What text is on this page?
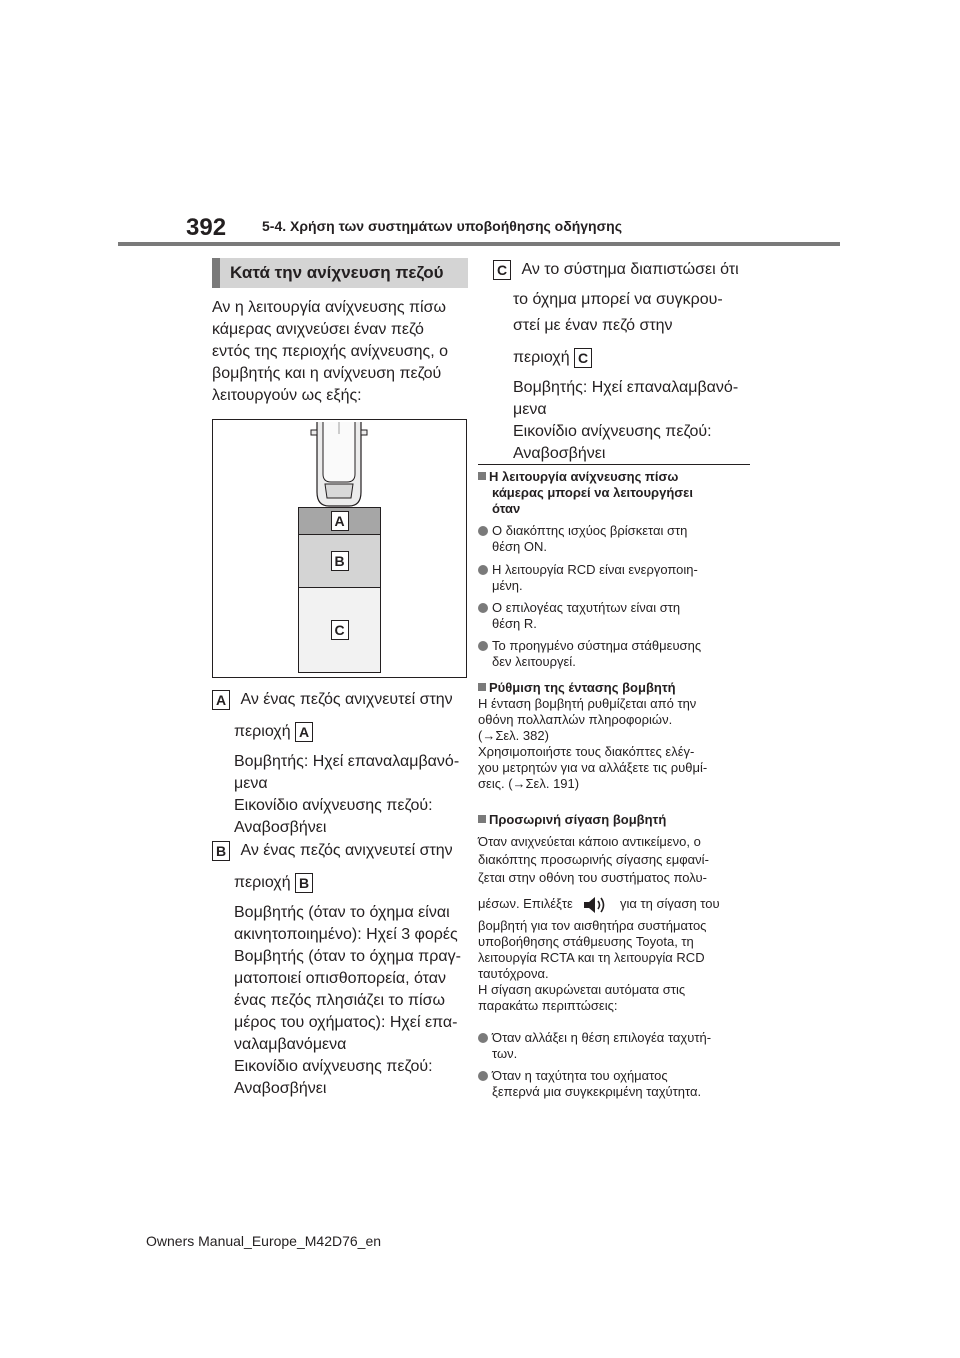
392	5-4. Χρήση των συστημάτων υποβοήθησης οδήγησης
Κατά την ανίχνευση πεζού
Αν η λειτουργία ανίχνευσης πίσω
κάμερας ανιχνεύσει έναν πεζό
εντός της περιοχής ανίχνευσης, ο
βομβητής και η ανίχνευση πεζού
λειτουργούν ως εξής:
A
B
C
A Αν ένας πεζός ανιχνευτεί στην
περιοχή A
Βομβητής: Ηχεί επαναλαμβανό-
μενα
Εικονίδιο ανίχνευσης πεζού:
Αναβοσβήνει
B Αν ένας πεζός ανιχνευτεί στην
περιοχή B
Βομβητής (όταν το όχημα είναι
ακινητοποιημένο): Ηχεί 3 φορές
Βομβητής (όταν το όχημα πραγ-
ματοποιεί οπισθοπορεία, όταν
ένας πεζός πλησιάζει το πίσω
μέρος του οχήματος): Ηχεί επα-
ναλαμβανόμενα
Εικονίδιο ανίχνευσης πεζού:
Αναβοσβήνει
C Αν το σύστημα διαπιστώσει ότι
το όχημα μπορεί να συγκρου-
στεί με έναν πεζό στην
περιοχή C
Βομβητής: Ηχεί επαναλαμβανό-
μενα
Εικονίδιο ανίχνευσης πεζού:
Αναβοσβήνει
Η λειτουργία ανίχνευσης πίσω
κάμερας μπορεί να λειτουργήσει
όταν
Ο διακόπτης ισχύος βρίσκεται στη
θέση ON.
Η λειτουργία RCD είναι ενεργοποιη-
μένη.
Ο επιλογέας ταχυτήτων είναι στη
θέση R.
Το προηγμένο σύστημα στάθμευσης
δεν λειτουργεί.
Ρύθμιση της έντασης βομβητή
Η ένταση βομβητή ρυθμίζεται από την
οθόνη πολλαπλών πληροφοριών.
(→Σελ. 382)
Χρησιμοποιήστε τους διακόπτες ελέγ-
χου μετρητών για να αλλάξετε τις ρυθμί-
σεις. (→Σελ. 191)
Προσωρινή σίγαση βομβητή
Όταν ανιχνεύεται κάποιο αντικείμενο, ο
διακόπτης προσωρινής σίγασης εμφανί-
ζεται στην οθόνη του συστήματος πολυ-
μέσων. Επιλέξτε	για τη σίγαση του
βομβητή για τον αισθητήρα συστήματος
υποβοήθησης στάθμευσης Toyota, τη
λειτουργία RCTA και τη λειτουργία RCD
ταυτόχρονα.
Η σίγαση ακυρώνεται αυτόματα στις
παρακάτω περιπτώσεις:
Όταν αλλάξει η θέση επιλογέα ταχυτή-
των.
Όταν η ταχύτητα του οχήματος
ξεπερνά μια συγκεκριμένη ταχύτητα.
Owners Manual_Europe_M42D76_en
